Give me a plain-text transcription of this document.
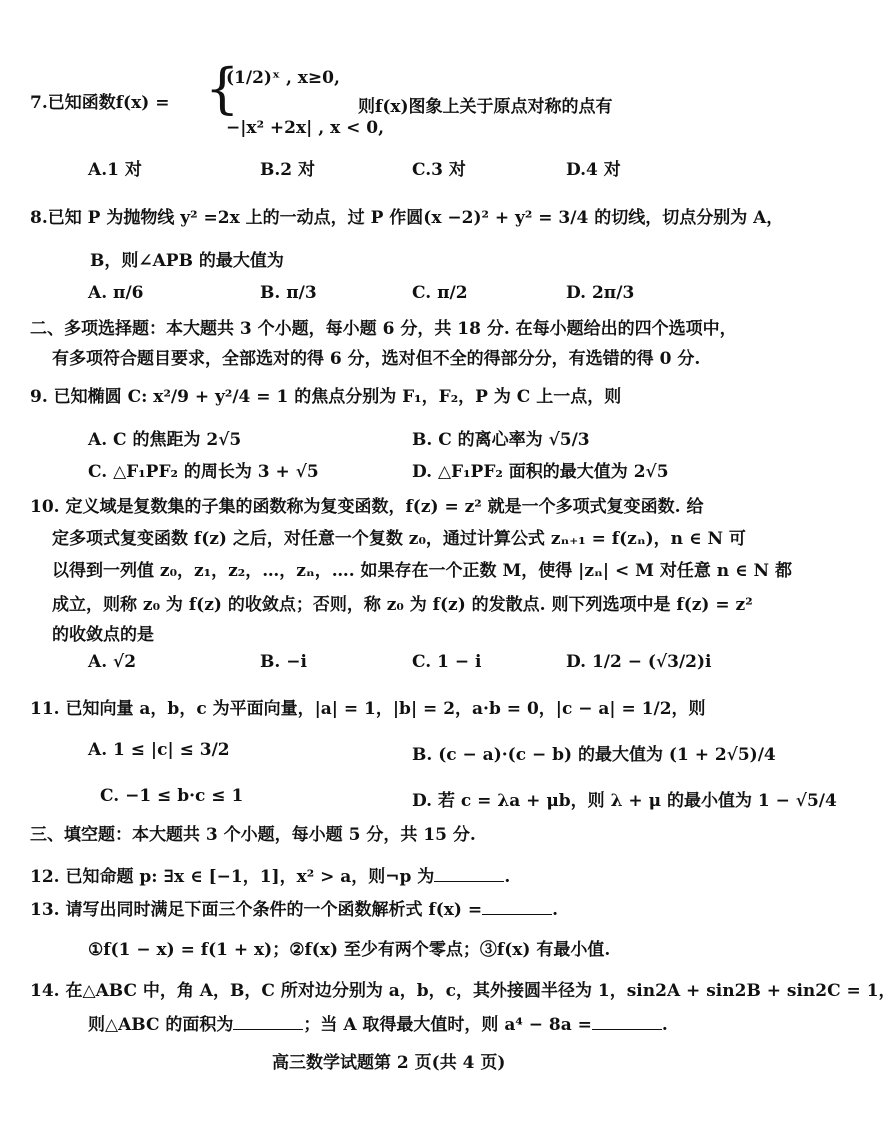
7.已知函数f(x) = {
(1/2)ˣ , x≥0,
−|x² +2x| , x < 0,
则f(x)图象上关于原点对称的点有
A.1 对	B.2 对	C.3 对	D.4 对
8.已知 P 为抛物线 y² =2x 上的一动点，过 P 作圆(x −2)² + y² = 3/4 的切线，切点分别为 A，
B，则∠APB 的最大值为
A. π/6	B. π/3	C. π/2	D. 2π/3
二、多项选择题：本大题共 3 个小题，每小题 6 分，共 18 分. 在每小题给出的四个选项中，
有多项符合题目要求，全部选对的得 6 分，选对但不全的得部分分，有选错的得 0 分.
9. 已知椭圆 C: x²/9 + y²/4 = 1 的焦点分别为 F₁，F₂，P 为 C 上一点，则
A. C 的焦距为 2√5	B. C 的离心率为 √5/3
C. △F₁PF₂ 的周长为 3 + √5	D. △F₁PF₂ 面积的最大值为 2√5
10. 定义域是复数集的子集的函数称为复变函数，f(z) = z² 就是一个多项式复变函数. 给
定多项式复变函数 f(z) 之后，对任意一个复数 z₀，通过计算公式 zₙ₊₁ = f(zₙ)，n ∈ N 可
以得到一列值 z₀，z₁，z₂，…，zₙ，…. 如果存在一个正数 M，使得 |zₙ| < M 对任意 n ∈ N 都
成立，则称 z₀ 为 f(z) 的收敛点；否则，称 z₀ 为 f(z) 的发散点. 则下列选项中是 f(z) = z²
的收敛点的是
A. √2	B. −i	C. 1 − i	D. 1/2 − (√3/2)i
11. 已知向量 a，b，c 为平面向量，|a| = 1，|b| = 2，a·b = 0，|c − a| = 1/2，则
A. 1 ≤ |c| ≤ 3/2	B. (c − a)·(c − b) 的最大值为 (1 + 2√5)/4
C. −1 ≤ b·c ≤ 1	D. 若 c = λa + μb，则 λ + μ 的最小值为 1 − √5/4
三、填空题：本大题共 3 个小题，每小题 5 分，共 15 分.
12. 已知命题 p: ∃x ∈ [−1，1]，x² > a，则¬p 为	.
13. 请写出同时满足下面三个条件的一个函数解析式 f(x) =	.
①f(1 − x) = f(1 + x)；②f(x) 至少有两个零点；③f(x) 有最小值.
14. 在△ABC 中，角 A，B，C 所对边分别为 a，b，c，其外接圆半径为 1，sin2A + sin2B + sin2C = 1，
则△ABC 的面积为	；当 A 取得最大值时，则 a⁴ − 8a =	.
高三数学试题第 2 页(共 4 页)
